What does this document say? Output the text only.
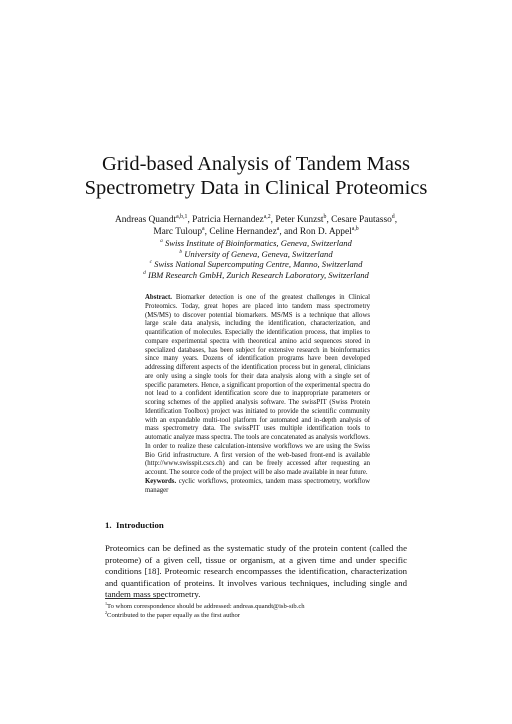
Grid-based Analysis of Tandem Mass
Spectrometry Data in Clinical Proteomics
Andreas Quandt$^{a,b,1}$, Patricia Hernandez$^{a,2}$, Peter Kunzst$^b$, Cesare Pautasso$^d$,
Marc Tuloup$^a$, Celine Hernandez$^a$, and Ron D. Appel$^{a,b}$
$^a$ Swiss Institute of Bioinformatics, Geneva, Switzerland
$^b$ University of Geneva, Geneva, Switzerland
$^c$ Swiss National Supercomputing Centre, Manno, Switzerland
$^d$ IBM Research GmbH, Zurich Research Laboratory, Switzerland
Abstract. Biomarker detection is one of the greatest challenges in Clinical Proteomics. Today, great hopes are placed into tandem mass spectrometry (MS/MS) to discover potential biomarkers. MS/MS is a technique that allows large scale data analysis, including the identification, characterization, and quantification of molecules. Especially the identification process, that implies to compare experimental spectra with theoretical amino acid sequences stored in specialized databases, has been subject for extensive research in bioinformatics since many years. Dozens of identification programs have been developed addressing different aspects of the identification process but in general, clinicians are only using a single tools for their data analysis along with a single set of specific parameters. Hence, a significant proportion of the experimental spectra do not lead to a confident identification score due to inappropriate parameters or scoring schemes of the applied analysis software. The swissPIT (Swiss Protein Identification Toolbox) project was initiated to provide the scientific community with an expandable multi-tool platform for automated and in-depth analysis of mass spectrometry data. The swissPIT uses multiple identification tools to automatic analyze mass spectra. The tools are concatenated as analysis workflows. In order to realize these calculation-intensive workflows we are using the Swiss Bio Grid infrastructure. A first version of the web-based front-end is available (http://www.swisspit.cscs.ch) and can be freely accessed after requesting an account. The source code of the project will be also made available in near future.
Keywords. cyclic workflows, proteomics, tandem mass spectrometry, workflow manager
1. Introduction
Proteomics can be defined as the systematic study of the protein content (called the proteome) of a given cell, tissue or organism, at a given time and under specific conditions [18]. Proteomic research encompasses the identification, characterization and quantification of proteins. It involves various techniques, including single and tandem mass spectrometry.
$^1$To whom correspondence should be addressed: andreas.quandt@isb-sib.ch
$^2$Contributed to the paper equally as the first author
